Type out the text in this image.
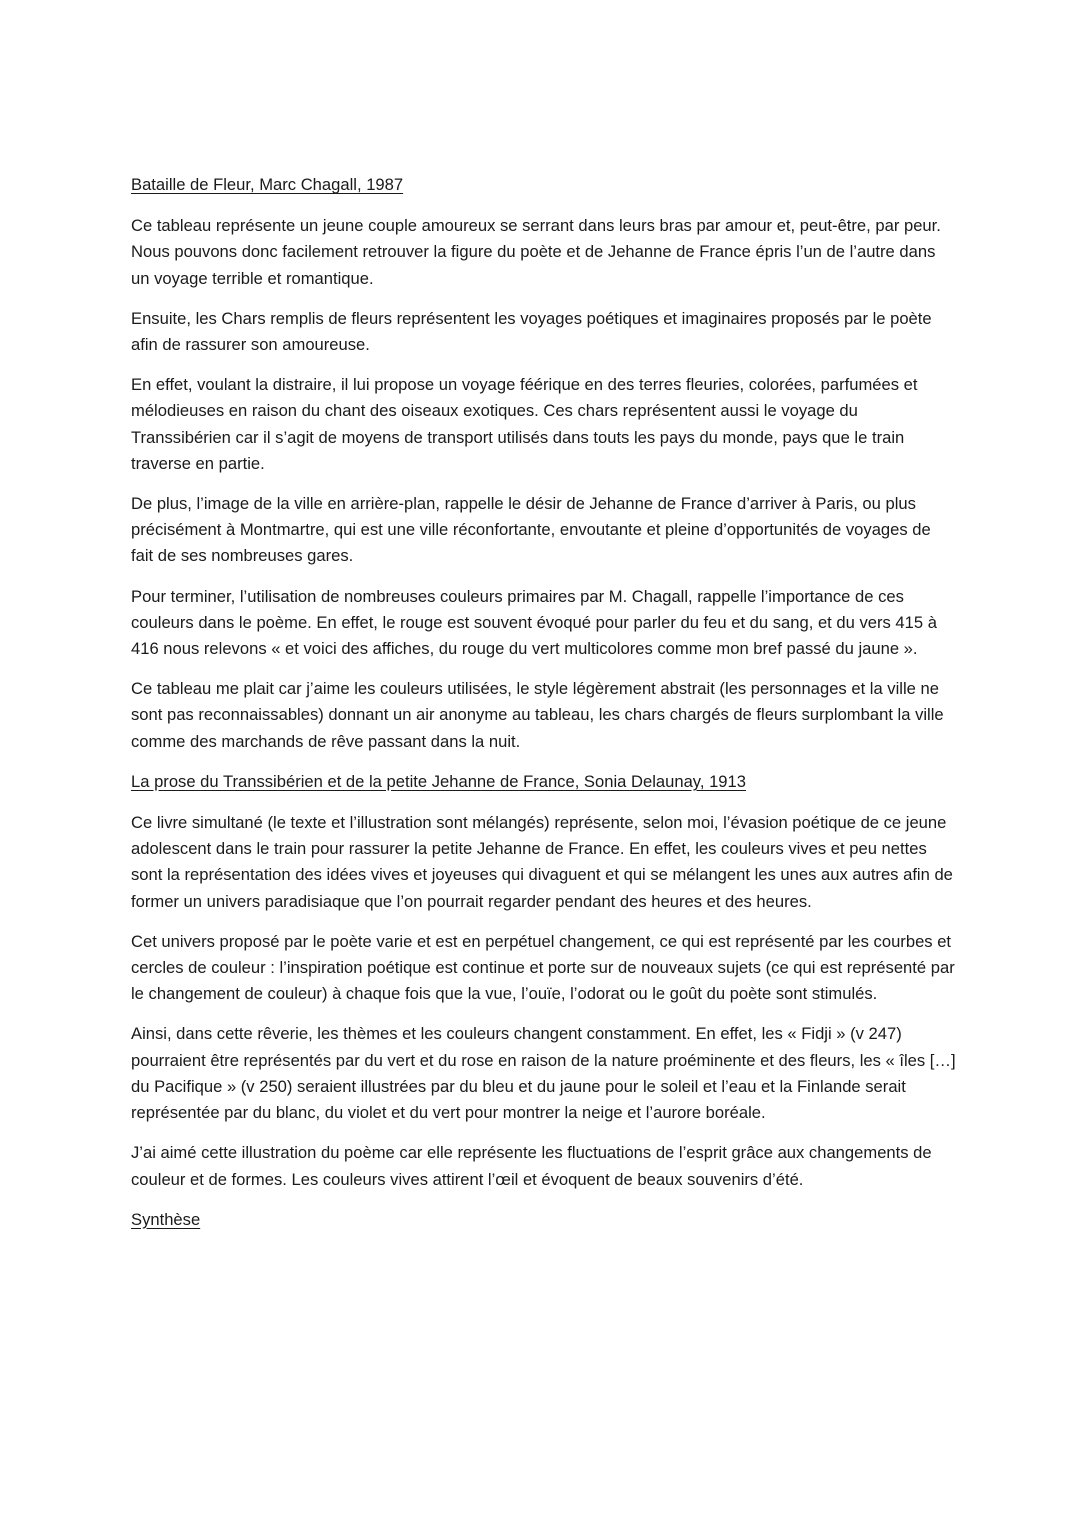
Bataille de Fleur, Marc Chagall, 1987

Ce tableau représente un jeune couple amoureux se serrant dans leurs bras par amour et, peut-être, par peur. Nous pouvons donc facilement retrouver la figure du poète et de Jehanne de France épris l’un de l’autre dans un voyage terrible et romantique.

Ensuite, les Chars remplis de fleurs représentent les voyages poétiques et imaginaires proposés par le poète afin de rassurer son amoureuse.

En effet, voulant la distraire, il lui propose un voyage féérique en des terres fleuries, colorées, parfumées et mélodieuses en raison du chant des oiseaux exotiques. Ces chars représentent aussi le voyage du Transsibérien car il s’agit de moyens de transport utilisés dans touts les pays du monde, pays que le train traverse en partie.

De plus, l’image de la ville en arrière-plan, rappelle le désir de Jehanne de France d’arriver à Paris, ou plus précisément à Montmartre, qui est une ville réconfortante, envoutante et pleine d’opportunités de voyages de fait de ses nombreuses gares.

Pour terminer, l’utilisation de nombreuses couleurs primaires par M. Chagall, rappelle l’importance de ces couleurs dans le poème. En effet, le rouge est souvent évoqué pour parler du feu et du sang, et du vers 415 à 416 nous relevons « et voici des affiches, du rouge du vert multicolores comme mon bref passé du jaune ».

Ce tableau me plait car j’aime les couleurs utilisées, le style légèrement abstrait (les personnages et la ville ne sont pas reconnaissables) donnant un air anonyme au tableau, les chars chargés de fleurs surplombant la ville comme des marchands de rêve passant dans la nuit.

La prose du Transsibérien et de la petite Jehanne de France, Sonia Delaunay, 1913

Ce livre simultané (le texte et l’illustration sont mélangés) représente, selon moi, l’évasion poétique de ce jeune adolescent dans le train pour rassurer la petite Jehanne de France. En effet, les couleurs vives et peu nettes sont la représentation des idées vives et joyeuses qui divaguent et qui se mélangent les unes aux autres afin de former un univers paradisiaque que l’on pourrait regarder pendant des heures et des heures.

Cet univers proposé par le poète varie et est en perpétuel changement, ce qui est représenté par les courbes et cercles de couleur : l’inspiration poétique est continue et porte sur de nouveaux sujets (ce qui est représenté par le changement de couleur) à chaque fois que la vue, l’ouïe, l’odorat ou le goût du poète sont stimulés.

Ainsi, dans cette rêverie, les thèmes et les couleurs changent constamment. En effet, les « Fidji » (v 247) pourraient être représentés par du vert et du rose en raison de la nature proéminente et des fleurs, les « îles […] du Pacifique » (v 250) seraient illustrées par du bleu et du jaune pour le soleil et l’eau et la Finlande serait représentée par du blanc, du violet et du vert pour montrer la neige et l’aurore boréale.

J’ai aimé cette illustration du poème car elle représente les fluctuations de l’esprit grâce aux changements de couleur et de formes. Les couleurs vives attirent l’œil et évoquent de beaux souvenirs d’été.

Synthèse
